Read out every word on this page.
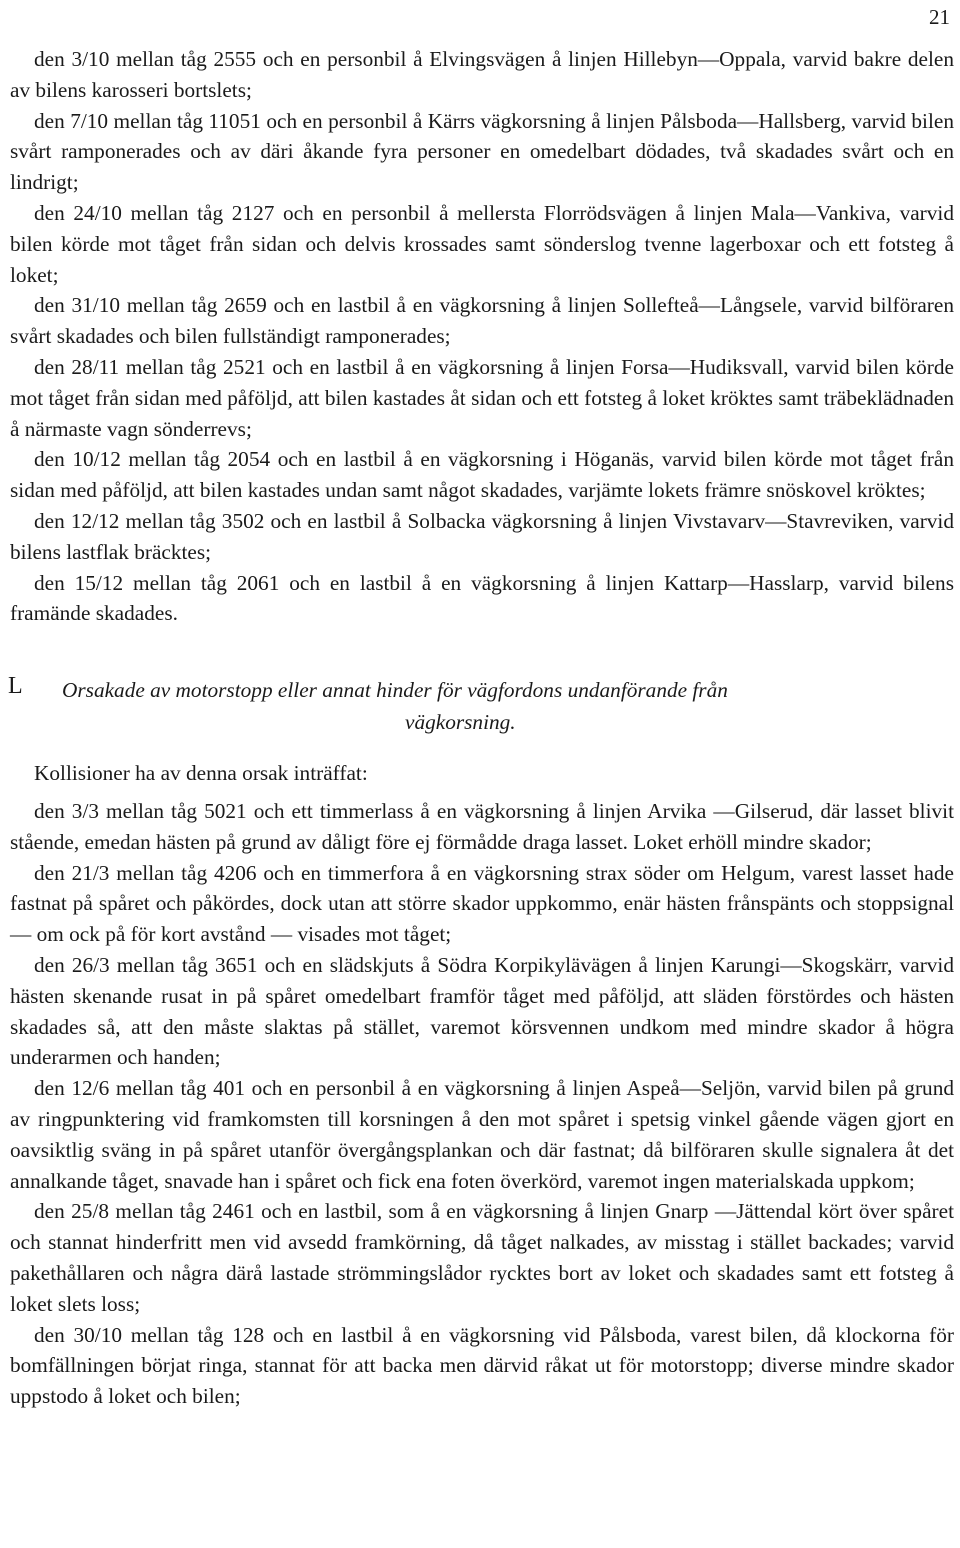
21

den 3/10 mellan tåg 2555 och en personbil å Elvingsvägen å linjen Hillebyn—Oppala, varvid bakre delen av bilens karosseri bortslets;

den 7/10 mellan tåg 11051 och en personbil å Kärrs vägkorsning å linjen Pålsboda—Hallsberg, varvid bilen svårt ramponerades och av däri åkande fyra personer en omedelbart dödades, två skadades svårt och en lindrigt;

den 24/10 mellan tåg 2127 och en personbil å mellersta Florrödsvägen å linjen Mala—Vankiva, varvid bilen körde mot tåget från sidan och delvis krossades samt sönderslog tvenne lagerboxar och ett fotsteg å loket;

den 31/10 mellan tåg 2659 och en lastbil å en vägkorsning å linjen Sollefteå—Långsele, varvid bilföraren svårt skadades och bilen fullständigt ramponerades;

den 28/11 mellan tåg 2521 och en lastbil å en vägkorsning å linjen Forsa—Hudiksvall, varvid bilen körde mot tåget från sidan med påföljd, att bilen kastades åt sidan och ett fotsteg å loket kröktes samt träbeklädnaden å närmaste vagn sönderrevs;

den 10/12 mellan tåg 2054 och en lastbil å en vägkorsning i Höganäs, varvid bilen körde mot tåget från sidan med påföljd, att bilen kastades undan samt något skadades, varjämte lokets främre snöskovel kröktes;

den 12/12 mellan tåg 3502 och en lastbil å Solbacka vägkorsning å linjen Vivstavarv—Stavreviken, varvid bilens lastflak bräcktes;

den 15/12 mellan tåg 2061 och en lastbil å en vägkorsning å linjen Kattarp—Hasslarp, varvid bilens framände skadades.

L	Orsakade av motorstopp eller annat hinder för vägfordons undanförande från

vägkorsning.

Kollisioner ha av denna orsak inträffat:

den 3/3 mellan tåg 5021 och ett timmerlass å en vägkorsning å linjen Arvika —Gilserud, där lasset blivit stående, emedan hästen på grund av dåligt före ej förmådde draga lasset. Loket erhöll mindre skador;

den 21/3 mellan tåg 4206 och en timmerfora å en vägkorsning strax söder om Helgum, varest lasset hade fastnat på spåret och påkördes, dock utan att större skador uppkommo, enär hästen frånspänts och stoppsignal — om ock på för kort avstånd — visades mot tåget;

den 26/3 mellan tåg 3651 och en slädskjuts å Södra Korpikylävägen å linjen Karungi—Skogskärr, varvid hästen skenande rusat in på spåret omedelbart framför tåget med påföljd, att släden förstördes och hästen skadades så, att den måste slaktas på stället, varemot körsvennen undkom med mindre skador å högra underarmen och handen;

den 12/6 mellan tåg 401 och en personbil å en vägkorsning å linjen Aspeå—Seljön, varvid bilen på grund av ringpunktering vid framkomsten till korsningen å den mot spåret i spetsig vinkel gående vägen gjort en oavsiktlig sväng in på spåret utanför övergångsplankan och där fastnat; då bilföraren skulle signalera åt det annalkande tåget, snavade han i spåret och fick ena foten överkörd, varemot ingen materialskada uppkom;

den 25/8 mellan tåg 2461 och en lastbil, som å en vägkorsning å linjen Gnarp —Jättendal kört över spåret och stannat hinderfritt men vid avsedd framkörning, då tåget nalkades, av misstag i stället backades; varvid pakethållaren och några därå lastade strömmingslådor rycktes bort av loket och skadades samt ett fotsteg å loket slets loss;

den 30/10 mellan tåg 128 och en lastbil å en vägkorsning vid Pålsboda, varest bilen, då klockorna för bomfällningen börjat ringa, stannat för att backa men därvid råkat ut för motorstopp; diverse mindre skador uppstodo å loket och bilen;
